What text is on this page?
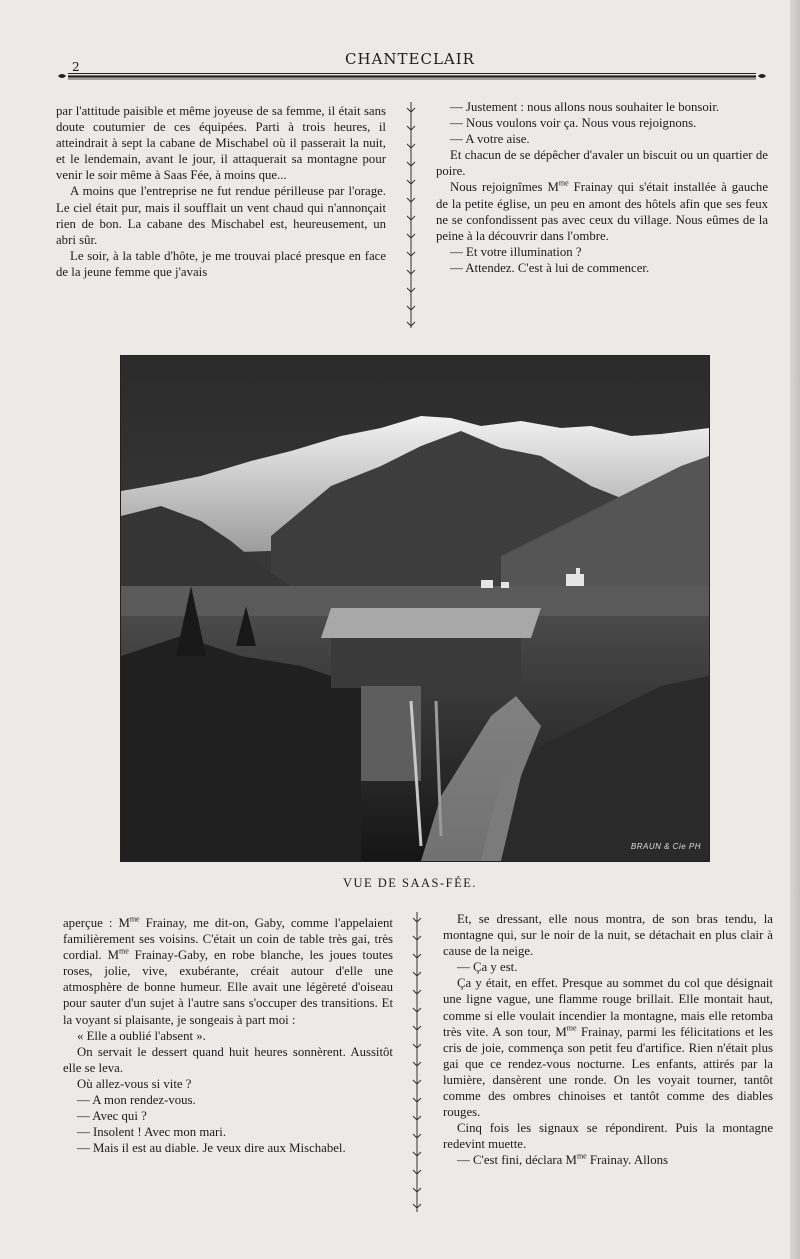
2	CHANTECLAIR

par l'attitude paisible et même joyeuse de sa femme, il était sans doute coutumier de ces équipées. Parti à trois heures, il atteindrait à sept la cabane de Mischabel où il passerait la nuit, et le lendemain, avant le jour, il attaquerait sa montagne pour venir le soir même à Saas Fée, à moins que...

A moins que l'entreprise ne fut rendue périlleuse par l'orage. Le ciel était pur, mais il soufflait un vent chaud qui n'annonçait rien de bon. La cabane des Mischabel est, heureusement, un abri sûr.

Le soir, à la table d'hôte, je me trouvai placé presque en face de la jeune femme que j'avais

— Justement : nous allons nous souhaiter le bonsoir.

— Nous voulons voir ça. Nous vous rejoignons.

— A votre aise.

Et chacun de se dépêcher d'avaler un biscuit ou un quartier de poire.

Nous rejoignîmes $M^{me}$ Frainay qui s'était installée à gauche de la petite église, un peu en amont des hôtels afin que ses feux ne se confondissent pas avec ceux du village. Nous eûmes de la peine à la découvrir dans l'ombre.

— Et votre illumination ?

— Attendez. C'est à lui de commencer.

BRAUN & Cie PH
VUE DE SAAS-FÉE.

aperçue : $M^{me}$ Frainay, me dit-on, Gaby, comme l'appelaient familièrement ses voisins. C'était un coin de table très gai, très cordial. $M^{me}$ Frainay-Gaby, en robe blanche, les joues toutes roses, jolie, vive, exubérante, créait autour d'elle une atmosphère de bonne humeur. Elle avait une légèreté d'oiseau pour sauter d'un sujet à l'autre sans s'occuper des transitions. Et la voyant si plaisante, je songeais à part moi :

« Elle a oublié l'absent ».

On servait le dessert quand huit heures sonnèrent. Aussitôt elle se leva.

Où allez-vous si vite ?

— A mon rendez-vous.

— Avec qui ?

— Insolent ! Avec mon mari.

— Mais il est au diable. Je veux dire aux Mischabel.

Et, se dressant, elle nous montra, de son bras tendu, la montagne qui, sur le noir de la nuit, se détachait en plus clair à cause de la neige.

— Ça y est.

Ça y était, en effet. Presque au sommet du col que désignait une ligne vague, une flamme rouge brillait. Elle montait haut, comme si elle voulait incendier la montagne, mais elle retomba très vite. A son tour, $M^{me}$ Frainay, parmi les félicitations et les cris de joie, commença son petit feu d'artifice. Rien n'était plus gai que ce rendez-vous nocturne. Les enfants, attirés par la lumière, dansèrent une ronde. On les voyait tourner, tantôt comme des ombres chinoises et tantôt comme des diables rouges.

Cinq fois les signaux se répondirent. Puis la montagne redevint muette.

— C'est fini, déclara $M^{me}$ Frainay. Allons
